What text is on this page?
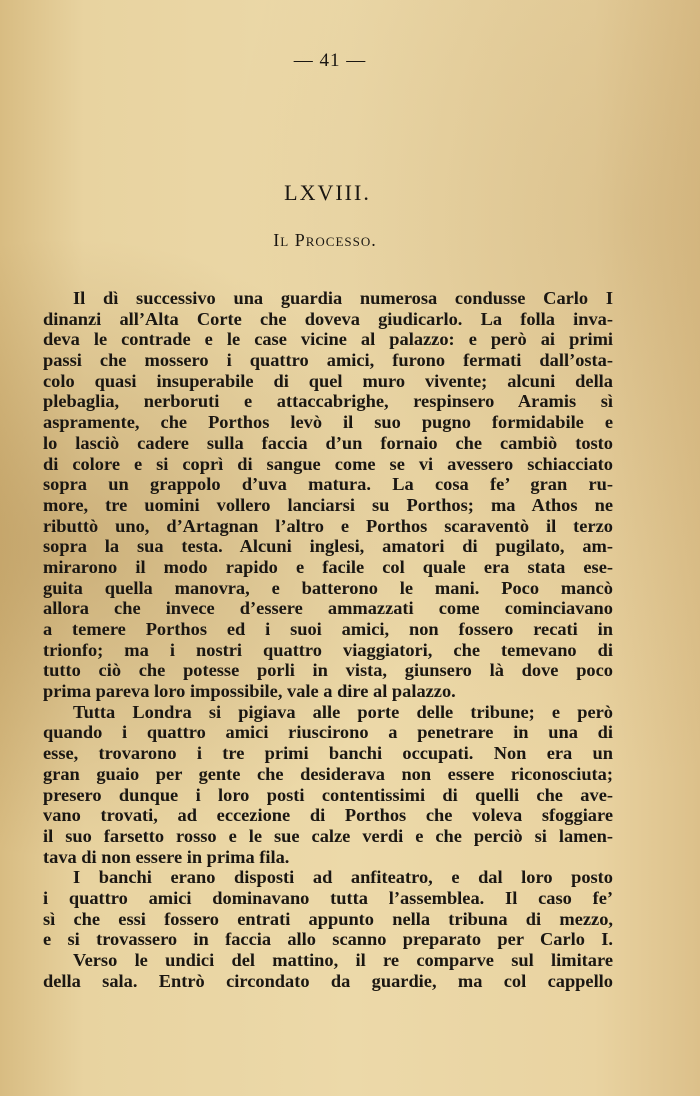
— 41 —
LXVIII.
Il Processo.
Il dì successivo una guardia numerosa condusse Carlo I
dinanzi all’Alta Corte che doveva giudicarlo. La folla inva-
deva le contrade e le case vicine al palazzo: e però ai primi
passi che mossero i quattro amici, furono fermati dall’osta-
colo quasi insuperabile di quel muro vivente; alcuni della
plebaglia, nerboruti e attaccabrighe, respinsero Aramis sì
aspramente, che Porthos levò il suo pugno formidabile e
lo lasciò cadere sulla faccia d’un fornaio che cambiò tosto
di colore e si coprì di sangue come se vi avessero schiacciato
sopra un grappolo d’uva matura. La cosa fe’ gran ru-
more, tre uomini vollero lanciarsi su Porthos; ma Athos ne
ributtò uno, d’Artagnan l’altro e Porthos scaraventò il terzo
sopra la sua testa. Alcuni inglesi, amatori di pugilato, am-
mirarono il modo rapido e facile col quale era stata ese-
guita quella manovra, e batterono le mani. Poco mancò
allora che invece d’essere ammazzati come cominciavano
a temere Porthos ed i suoi amici, non fossero recati in
trionfo; ma i nostri quattro viaggiatori, che temevano di
tutto ciò che potesse porli in vista, giunsero là dove poco
prima pareva loro impossibile, vale a dire al palazzo.
Tutta Londra si pigiava alle porte delle tribune; e però
quando i quattro amici riuscirono a penetrare in una di
esse, trovarono i tre primi banchi occupati. Non era un
gran guaio per gente che desiderava non essere riconosciuta;
presero dunque i loro posti contentissimi di quelli che ave-
vano trovati, ad eccezione di Porthos che voleva sfoggiare
il suo farsetto rosso e le sue calze verdi e che perciò si lamen-
tava di non essere in prima fila.
I banchi erano disposti ad anfiteatro, e dal loro posto
i quattro amici dominavano tutta l’assemblea. Il caso fe’
sì che essi fossero entrati appunto nella tribuna di mezzo,
e si trovassero in faccia allo scanno preparato per Carlo I.
Verso le undici del mattino, il re comparve sul limitare
della sala. Entrò circondato da guardie, ma col cappello
